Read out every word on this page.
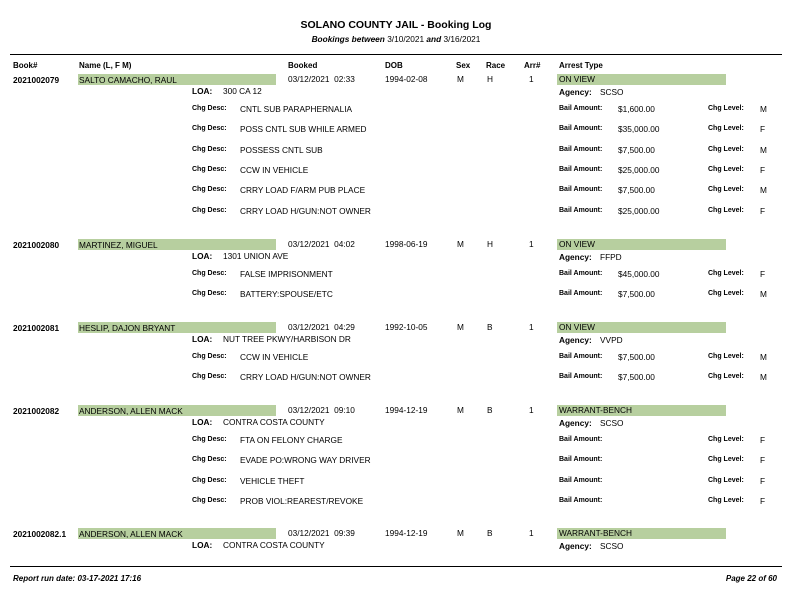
SOLANO COUNTY JAIL - Booking Log
Bookings between 3/10/2021 and 3/16/2021
Book#	Name (L, F M)	Booked	DOB	Sex Race Arr# Arrest Type
2021002079 SALTO CAMACHO, RAUL	03/12/2021  02:33	1994-02-08	M	H	1	ON VIEW
LOA: 300 CA 12	Agency: SCSO
Chg Desc: CNTL SUB PARAPHERNALIA	Bail Amount: $1,600.00	Chg Level: M
Chg Desc: POSS CNTL SUB WHILE ARMED	Bail Amount: $35,000.00	Chg Level: F
Chg Desc: POSSESS CNTL SUB	Bail Amount: $7,500.00	Chg Level: M
Chg Desc: CCW IN VEHICLE	Bail Amount: $25,000.00	Chg Level: F
Chg Desc: CRRY LOAD F/ARM PUB PLACE	Bail Amount: $7,500.00	Chg Level: M
Chg Desc: CRRY LOAD H/GUN:NOT OWNER	Bail Amount: $25,000.00	Chg Level: F
2021002080 MARTINEZ, MIGUEL	03/12/2021  04:02	1998-06-19	M	H	1	ON VIEW
LOA: 1301 UNION AVE	Agency: FFPD
Chg Desc: FALSE IMPRISONMENT	Bail Amount: $45,000.00	Chg Level: F
Chg Desc: BATTERY:SPOUSE/ETC	Bail Amount: $7,500.00	Chg Level: M
2021002081 HESLIP, DAJON BRYANT	03/12/2021  04:29	1992-10-05	M	B	1	ON VIEW
LOA: NUT TREE PKWY/HARBISON DR	Agency: VVPD
Chg Desc: CCW IN VEHICLE	Bail Amount: $7,500.00	Chg Level: M
Chg Desc: CRRY LOAD H/GUN:NOT OWNER	Bail Amount: $7,500.00	Chg Level: M
2021002082 ANDERSON, ALLEN MACK	03/12/2021  09:10	1994-12-19	M	B	1	WARRANT-BENCH
LOA: CONTRA COSTA COUNTY	Agency: SCSO
Chg Desc: FTA ON FELONY CHARGE	Bail Amount:	Chg Level: F
Chg Desc: EVADE PO:WRONG WAY DRIVER	Bail Amount:	Chg Level: F
Chg Desc: VEHICLE THEFT	Bail Amount:	Chg Level: F
Chg Desc: PROB VIOL:REAREST/REVOKE	Bail Amount:	Chg Level: F
2021002082.1 ANDERSON, ALLEN MACK	03/12/2021  09:39	1994-12-19	M	B	1	WARRANT-BENCH
LOA: CONTRA COSTA COUNTY	Agency: SCSO
Report run date: 03-17-2021 17:16	Page 22 of 60
